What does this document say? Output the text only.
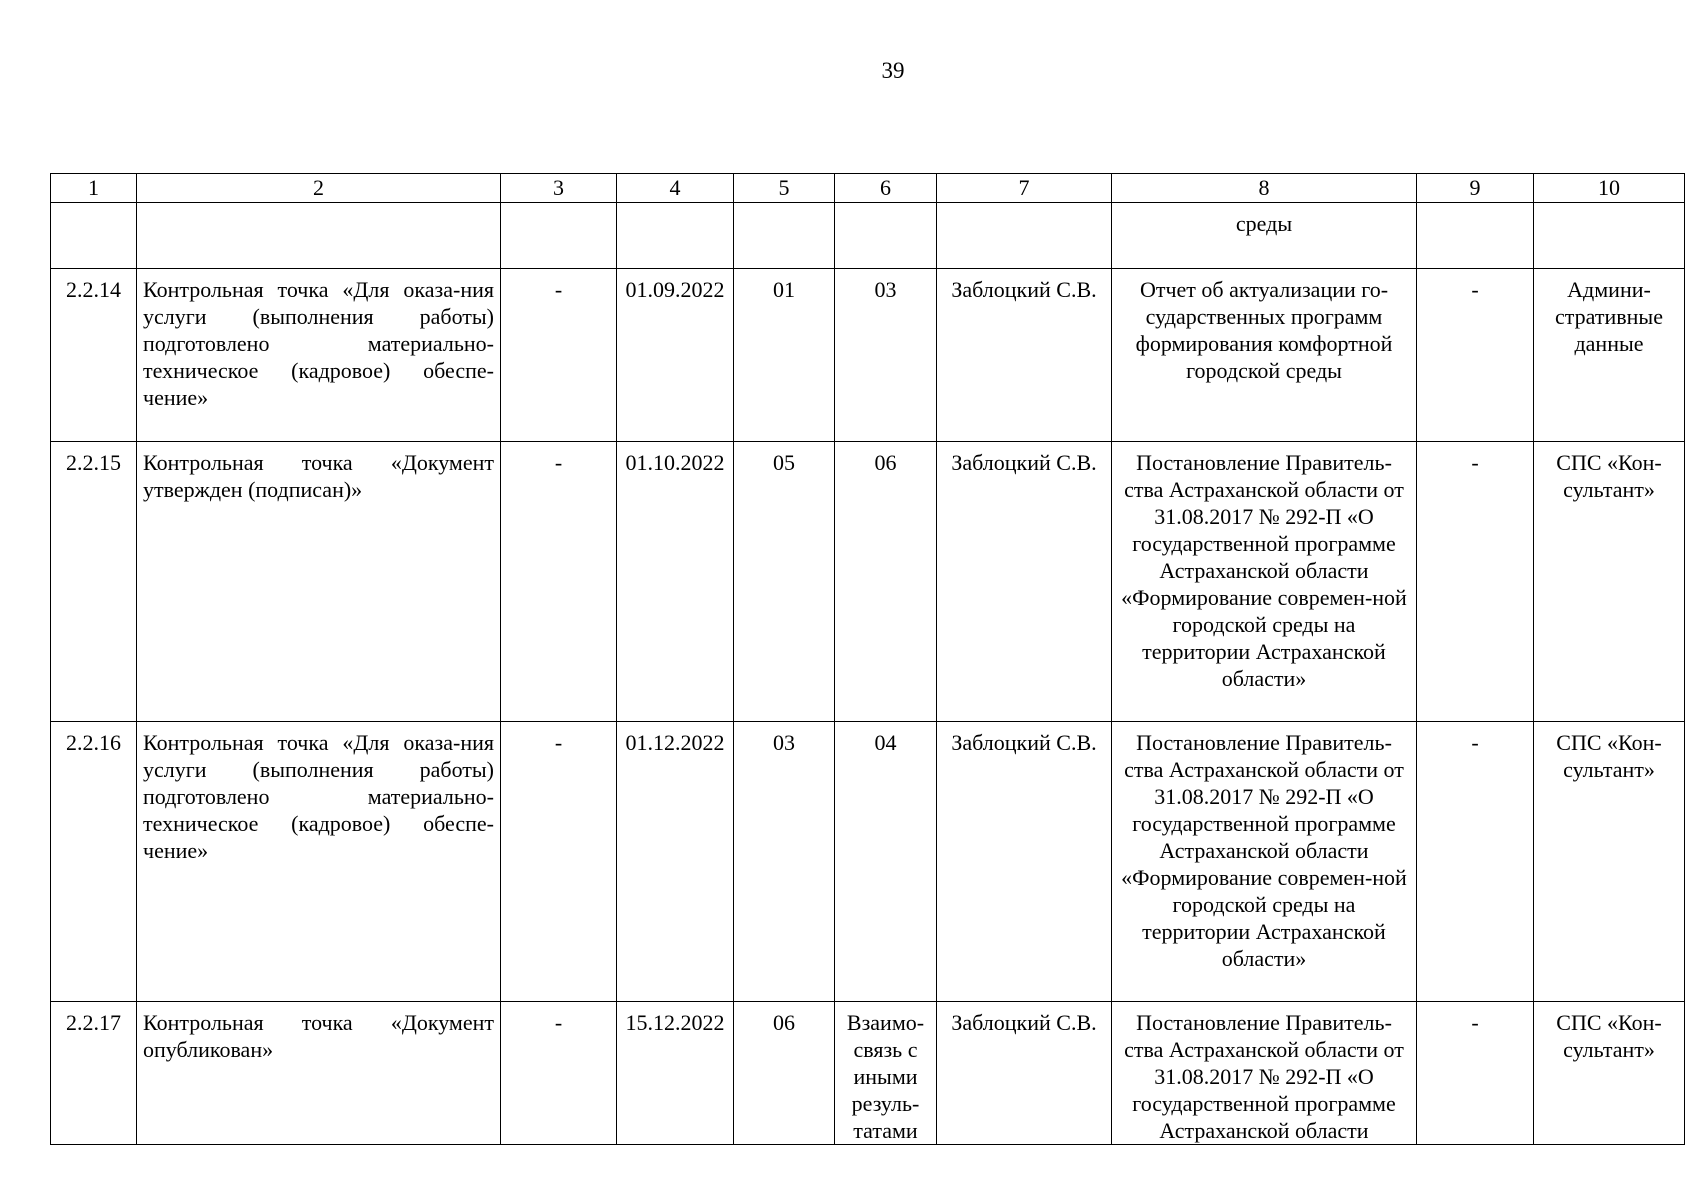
39
1	2	3	4	5	6	7	8	9	10
							среды		
2.2.14	Контрольная точка «Для оказа-ния услуги (выполнения работы) подготовлено материально-техническое (кадровое) обеспе-чение»	-	01.09.2022	01	03	Заблоцкий С.В.	Отчет об актуализации го-сударственных программ формирования комфортной городской среды	-	Админи-стративные данные
2.2.15	Контрольная точка «Документ утвержден (подписан)»	-	01.10.2022	05	06	Заблоцкий С.В.	Постановление Правитель-ства Астраханской области от 31.08.2017 № 292-П «О государственной программе Астраханской области «Формирование современ-ной городской среды на территории Астраханской области»	-	СПС «Кон-сультант»
2.2.16	Контрольная точка «Для оказа-ния услуги (выполнения работы) подготовлено материально-техническое (кадровое) обеспе-чение»	-	01.12.2022	03	04	Заблоцкий С.В.	Постановление Правитель-ства Астраханской области от 31.08.2017 № 292-П «О государственной программе Астраханской области «Формирование современ-ной городской среды на территории Астраханской области»	-	СПС «Кон-сультант»
2.2.17	Контрольная точка «Документ опубликован»	-	15.12.2022	06	Взаимо-связь с иными резуль-татами	Заблоцкий С.В.	Постановление Правитель-ства Астраханской области от 31.08.2017 № 292-П «О государственной программе Астраханской области	-	СПС «Кон-сультант»
